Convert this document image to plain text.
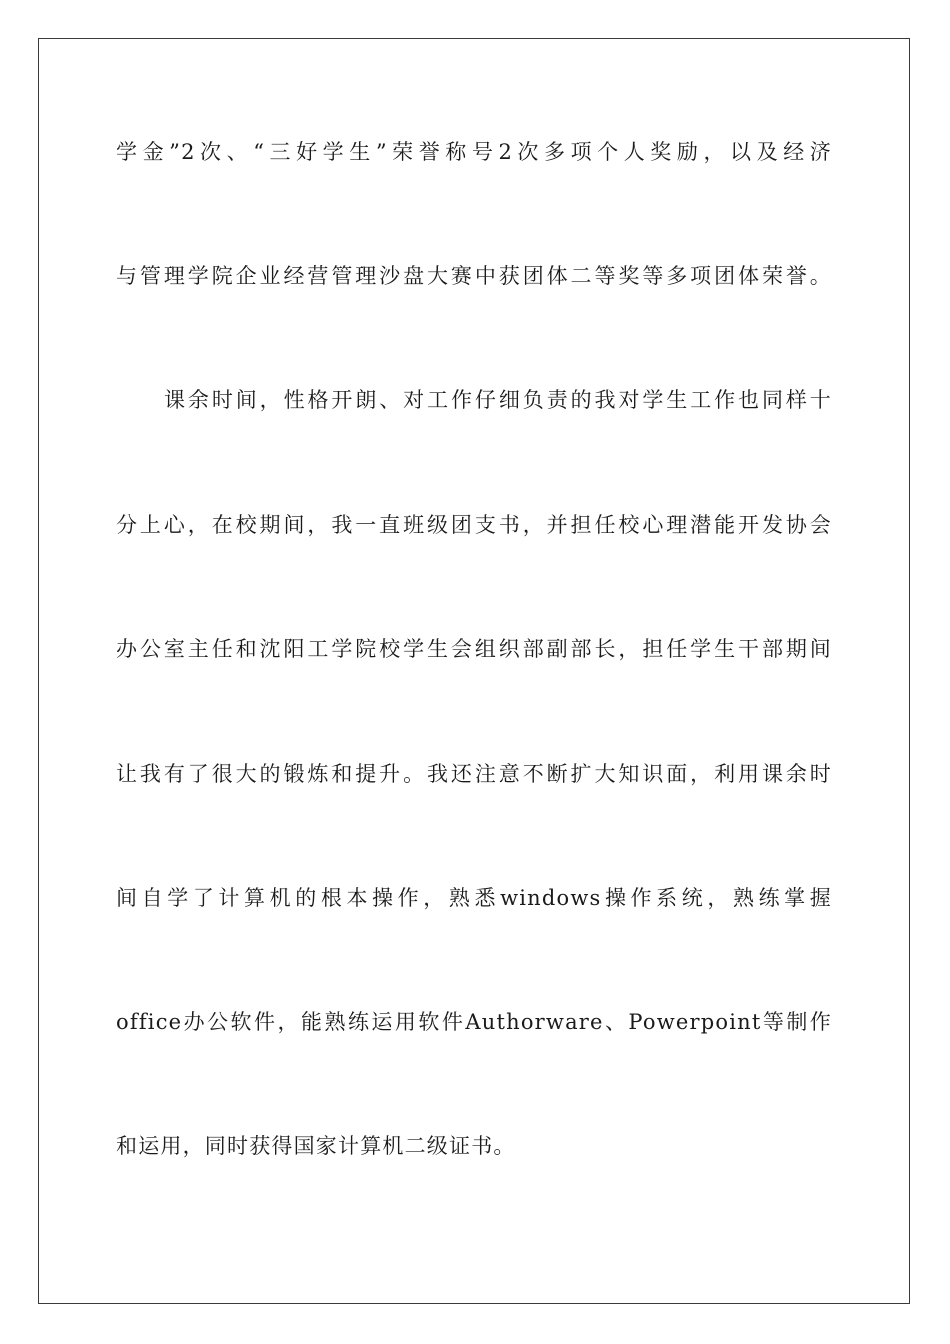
学金”2次、“三好学生”荣誉称号2次多项个人奖励，以及经济
与管理学院企业经营管理沙盘大赛中获团体二等奖等多项团体荣誉。
课余时间，性格开朗、对工作仔细负责的我对学生工作也同样十
分上心，在校期间，我一直班级团支书，并担任校心理潜能开发协会
办公室主任和沈阳工学院校学生会组织部副部长，担任学生干部期间
让我有了很大的锻炼和提升。我还注意不断扩大知识面，利用课余时
间自学了计算机的根本操作，熟悉windows操作系统，熟练掌握
office办公软件，能熟练运用软件Authorware、Powerpoint等制作
和运用，同时获得国家计算机二级证书。
